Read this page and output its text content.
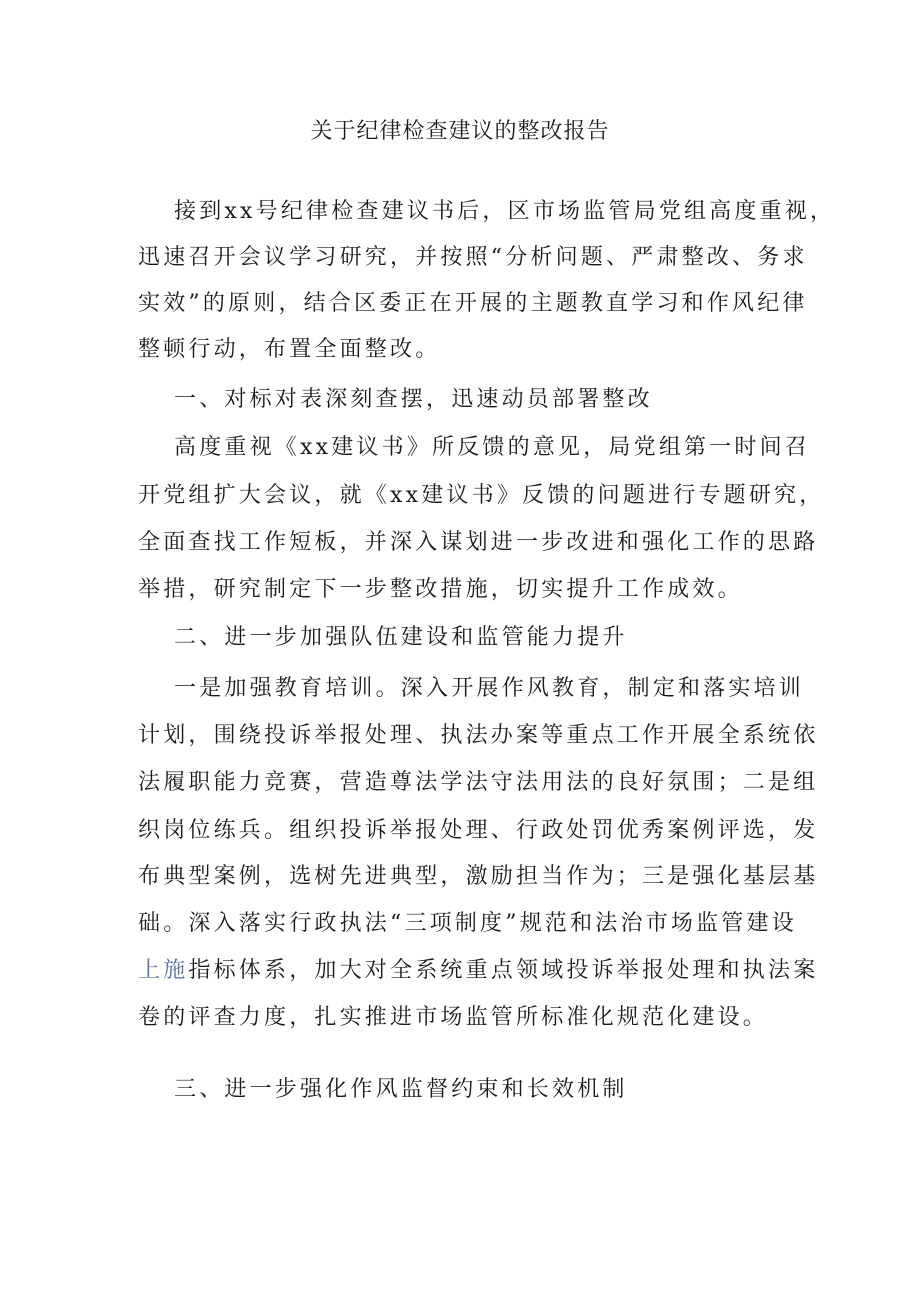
关于纪律检查建议的整改报告
接到xx号纪律检查建议书后，区市场监管局党组高度重视，
迅速召开会议学习研究，并按照“分析问题、严肃整改、务求
实效”的原则，结合区委正在开展的主题教直学习和作风纪律
整顿行动，布置全面整改。
一、对标对表深刻查摆，迅速动员部署整改
高度重视《xx建议书》所反馈的意见，局党组第一时间召
开党组扩大会议，就《xx建议书》反馈的问题进行专题研究，
全面查找工作短板，并深入谋划进一步改进和强化工作的思路
举措，研究制定下一步整改措施，切实提升工作成效。
二、进一步加强队伍建设和监管能力提升
一是加强教育培训。深入开展作风教育，制定和落实培训
计划，围绕投诉举报处理、执法办案等重点工作开展全系统依
法履职能力竞赛，营造尊法学法守法用法的良好氛围；二是组
织岗位练兵。组织投诉举报处理、行政处罚优秀案例评选，发
布典型案例，选树先进典型，激励担当作为；三是强化基层基
础。深入落实行政执法“三项制度”规范和法治市场监管建设
上施指标体系，加大对全系统重点领域投诉举报处理和执法案
卷的评查力度，扎实推进市场监管所标准化规范化建设。
三、进一步强化作风监督约束和长效机制
